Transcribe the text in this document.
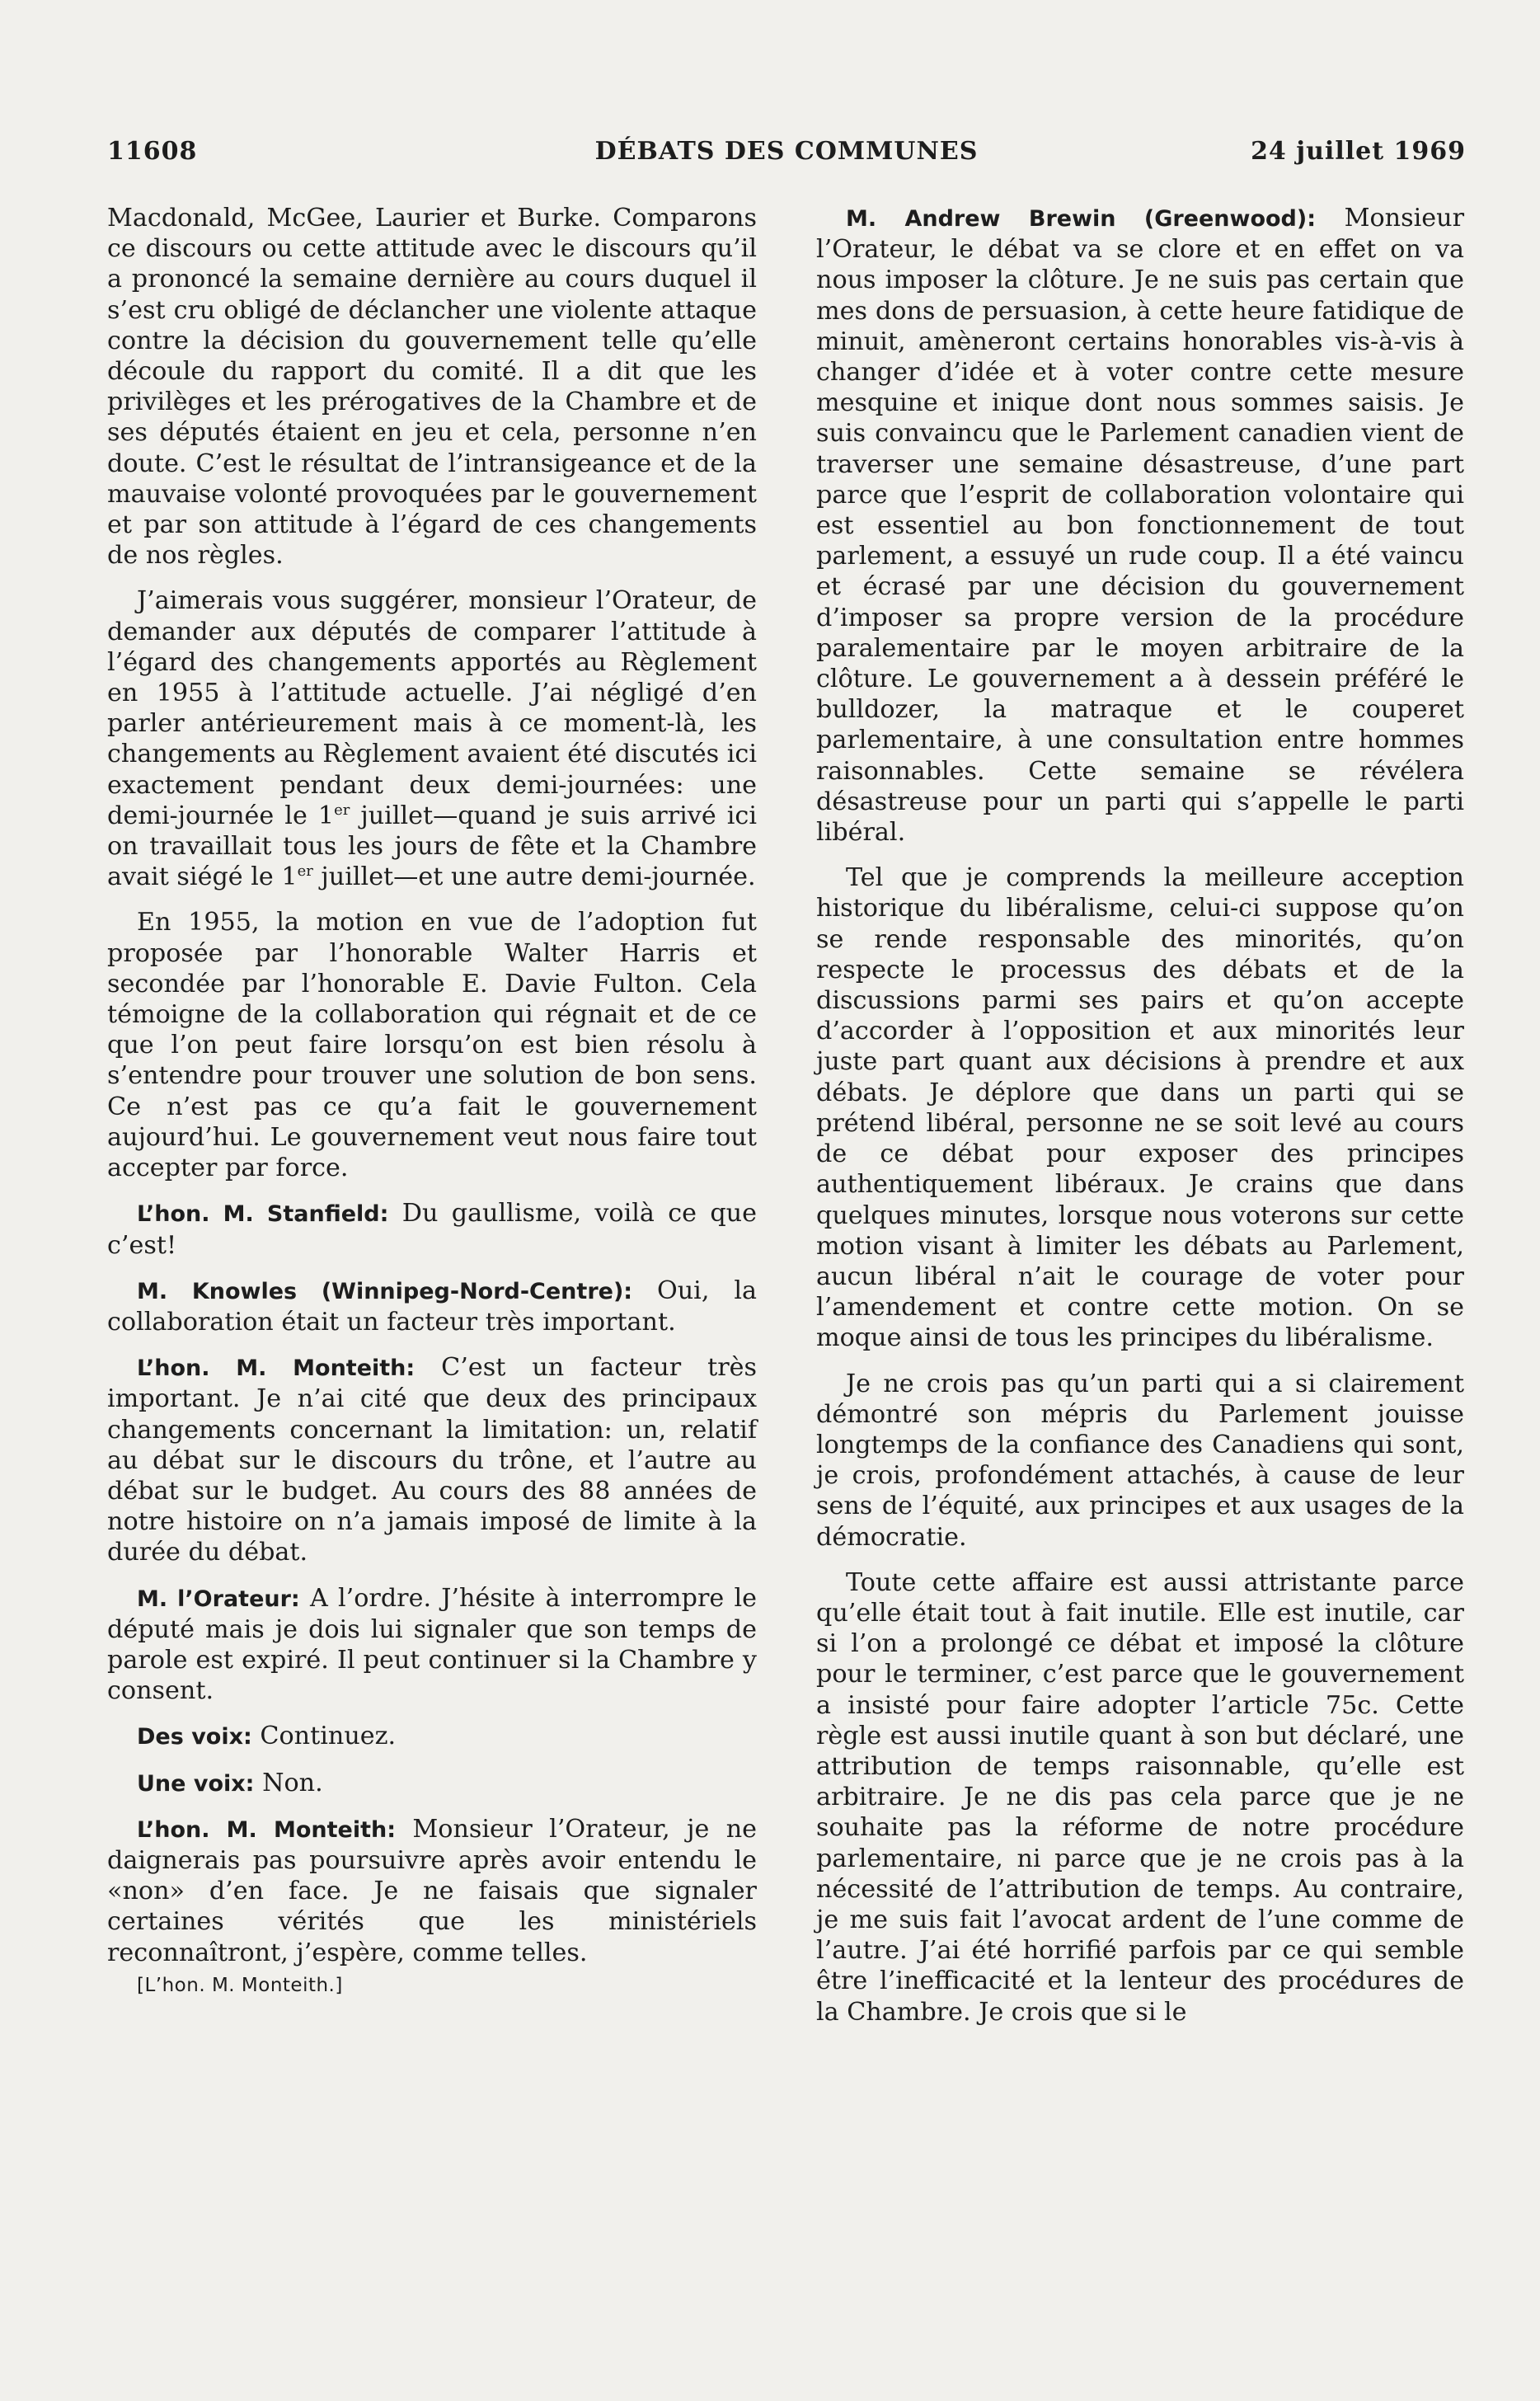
11608	DÉBATS DES COMMUNES	24 juillet 1969

Macdonald, McGee, Laurier et Burke. Comparons ce discours ou cette attitude avec le discours qu’il a prononcé la semaine dernière au cours duquel il s’est cru obligé de déclancher une violente attaque contre la décision du gouvernement telle qu’elle découle du rapport du comité. Il a dit que les privilèges et les prérogatives de la Chambre et de ses députés étaient en jeu et cela, personne n’en doute. C’est le résultat de l’intransigeance et de la mauvaise volonté provoquées par le gouvernement et par son attitude à l’égard de ces changements de nos règles.

J’aimerais vous suggérer, monsieur l’Orateur, de demander aux députés de comparer l’attitude à l’égard des changements apportés au Règlement en 1955 à l’attitude actuelle. J’ai négligé d’en parler antérieurement mais à ce moment-là, les changements au Règlement avaient été discutés ici exactement pendant deux demi-journées: une demi-journée le 1er juillet—quand je suis arrivé ici on travaillait tous les jours de fête et la Chambre avait siégé le 1er juillet—et une autre demi-journée.

En 1955, la motion en vue de l’adoption fut proposée par l’honorable Walter Harris et secondée par l’honorable E. Davie Fulton. Cela témoigne de la collaboration qui régnait et de ce que l’on peut faire lorsqu’on est bien résolu à s’entendre pour trouver une solution de bon sens. Ce n’est pas ce qu’a fait le gouvernement aujourd’hui. Le gouvernement veut nous faire tout accepter par force.

L’hon. M. Stanfield: Du gaullisme, voilà ce que c’est!

M. Knowles (Winnipeg-Nord-Centre): Oui, la collaboration était un facteur très important.

L’hon. M. Monteith: C’est un facteur très important. Je n’ai cité que deux des principaux changements concernant la limitation: un, relatif au débat sur le discours du trône, et l’autre au débat sur le budget. Au cours des 88 années de notre histoire on n’a jamais imposé de limite à la durée du débat.

M. l’Orateur: A l’ordre. J’hésite à interrompre le député mais je dois lui signaler que son temps de parole est expiré. Il peut continuer si la Chambre y consent.

Des voix: Continuez.

Une voix: Non.

L’hon. M. Monteith: Monsieur l’Orateur, je ne daignerais pas poursuivre après avoir entendu le «non» d’en face. Je ne faisais que signaler certaines vérités que les ministériels reconnaîtront, j’espère, comme telles.

[L’hon. M. Monteith.]

M. Andrew Brewin (Greenwood): Monsieur l’Orateur, le débat va se clore et en effet on va nous imposer la clôture. Je ne suis pas certain que mes dons de persuasion, à cette heure fatidique de minuit, amèneront certains honorables vis-à-vis à changer d’idée et à voter contre cette mesure mesquine et inique dont nous sommes saisis. Je suis convaincu que le Parlement canadien vient de traverser une semaine désastreuse, d’une part parce que l’esprit de collaboration volontaire qui est essentiel au bon fonctionnement de tout parlement, a essuyé un rude coup. Il a été vaincu et écrasé par une décision du gouvernement d’imposer sa propre version de la procédure paralementaire par le moyen arbitraire de la clôture. Le gouvernement a à dessein préféré le bulldozer, la matraque et le couperet parlementaire, à une consultation entre hommes raisonnables. Cette semaine se révélera désastreuse pour un parti qui s’appelle le parti libéral.

Tel que je comprends la meilleure acception historique du libéralisme, celui-ci suppose qu’on se rende responsable des minorités, qu’on respecte le processus des débats et de la discussions parmi ses pairs et qu’on accepte d’accorder à l’opposition et aux minorités leur juste part quant aux décisions à prendre et aux débats. Je déplore que dans un parti qui se prétend libéral, personne ne se soit levé au cours de ce débat pour exposer des principes authentiquement libéraux. Je crains que dans quelques minutes, lorsque nous voterons sur cette motion visant à limiter les débats au Parlement, aucun libéral n’ait le courage de voter pour l’amendement et contre cette motion. On se moque ainsi de tous les principes du libéralisme.

Je ne crois pas qu’un parti qui a si clairement démontré son mépris du Parlement jouisse longtemps de la confiance des Canadiens qui sont, je crois, profondément attachés, à cause de leur sens de l’équité, aux principes et aux usages de la démocratie.

Toute cette affaire est aussi attristante parce qu’elle était tout à fait inutile. Elle est inutile, car si l’on a prolongé ce débat et imposé la clôture pour le terminer, c’est parce que le gouvernement a insisté pour faire adopter l’article 75c. Cette règle est aussi inutile quant à son but déclaré, une attribution de temps raisonnable, qu’elle est arbitraire. Je ne dis pas cela parce que je ne souhaite pas la réforme de notre procédure parlementaire, ni parce que je ne crois pas à la nécessité de l’attribution de temps. Au contraire, je me suis fait l’avocat ardent de l’une comme de l’autre. J’ai été horrifié parfois par ce qui semble être l’inefficacité et la lenteur des procédures de la Chambre. Je crois que si le
